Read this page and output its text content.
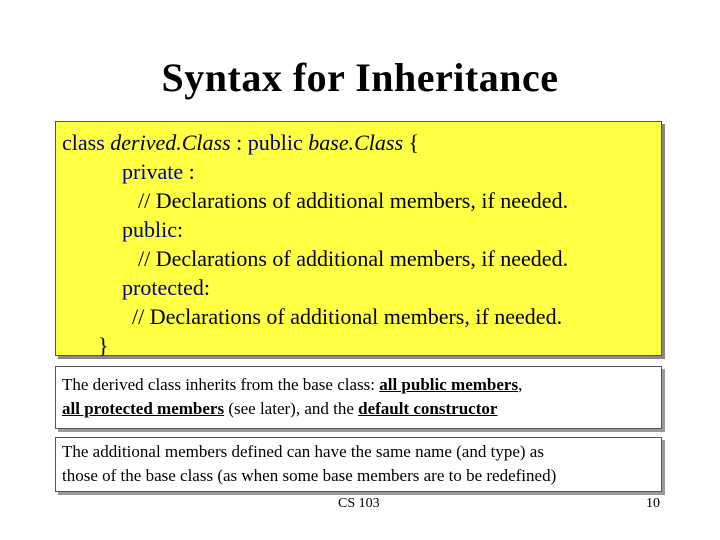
Syntax for Inheritance
class derived.Class : public base.Class {
private :
// Declarations of additional members, if needed.
public:
// Declarations of additional members, if needed.
protected:
// Declarations of additional members, if needed.
}
The derived class inherits from the base class: all public members,
all protected members (see later), and the default constructor
The additional members defined can have the same name (and type) as
those of the base class (as when some base members are to be redefined)
CS 103	10
